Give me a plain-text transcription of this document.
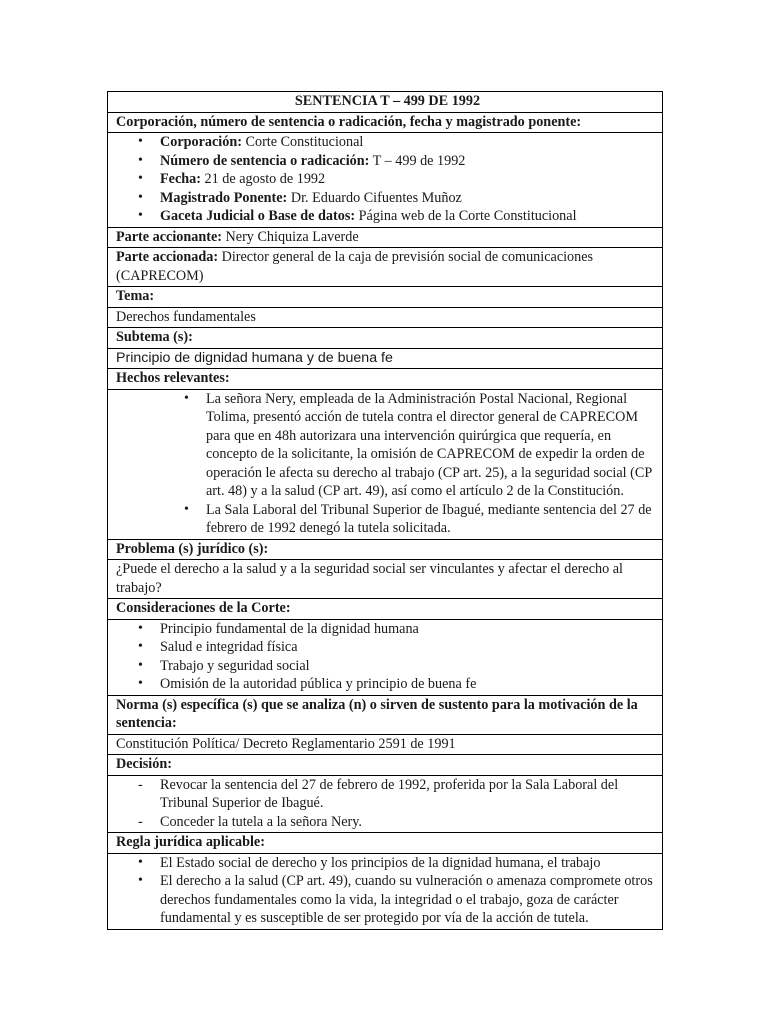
SENTENCIA T – 499 DE 1992
Corporación, número de sentencia o radicación, fecha y magistrado ponente:

• Corporación: Corte Constitucional
• Número de sentencia o radicación: T – 499 de 1992
• Fecha: 21 de agosto de 1992
• Magistrado Ponente: Dr. Eduardo Cifuentes Muñoz
• Gaceta Judicial o Base de datos: Página web de la Corte Constitucional

Parte accionante: Nery Chiquiza Laverde
Parte accionada: Director general de la caja de previsión social de comunicaciones (CAPRECOM)
Tema:
Derechos fundamentales
Subtema (s):
Principio de dignidad humana y de buena fe
Hechos relevantes:

• La señora Nery, empleada de la Administración Postal Nacional, Regional Tolima, presentó acción de tutela contra el director general de CAPRECOM para que en 48h autorizara una intervención quirúrgica que requería, en concepto de la solicitante, la omisión de CAPRECOM de expedir la orden de operación le afecta su derecho al trabajo (CP art. 25), a la seguridad social (CP art. 48) y a la salud (CP art. 49), así como el artículo 2 de la Constitución.
• La Sala Laboral del Tribunal Superior de Ibagué, mediante sentencia del 27 de febrero de 1992 denegó la tutela solicitada.

Problema (s) jurídico (s):
¿Puede el derecho a la salud y a la seguridad social ser vinculantes y afectar el derecho al trabajo?
Consideraciones de la Corte:

• Principio fundamental de la dignidad humana
• Salud e integridad física
• Trabajo y seguridad social
• Omisión de la autoridad pública y principio de buena fe

Norma (s) específica (s) que se analiza (n) o sirven de sustento para la motivación de la sentencia:
Constitución Política/ Decreto Reglamentario 2591 de 1991
Decisión:

- Revocar la sentencia del 27 de febrero de 1992, proferida por la Sala Laboral del Tribunal Superior de Ibagué.
- Conceder la tutela a la señora Nery.

Regla jurídica aplicable:

• El Estado social de derecho y los principios de la dignidad humana, el trabajo
• El derecho a la salud (CP art. 49), cuando su vulneración o amenaza compromete otros derechos fundamentales como la vida, la integridad o el trabajo, goza de carácter fundamental y es susceptible de ser protegido por vía de la acción de tutela.
